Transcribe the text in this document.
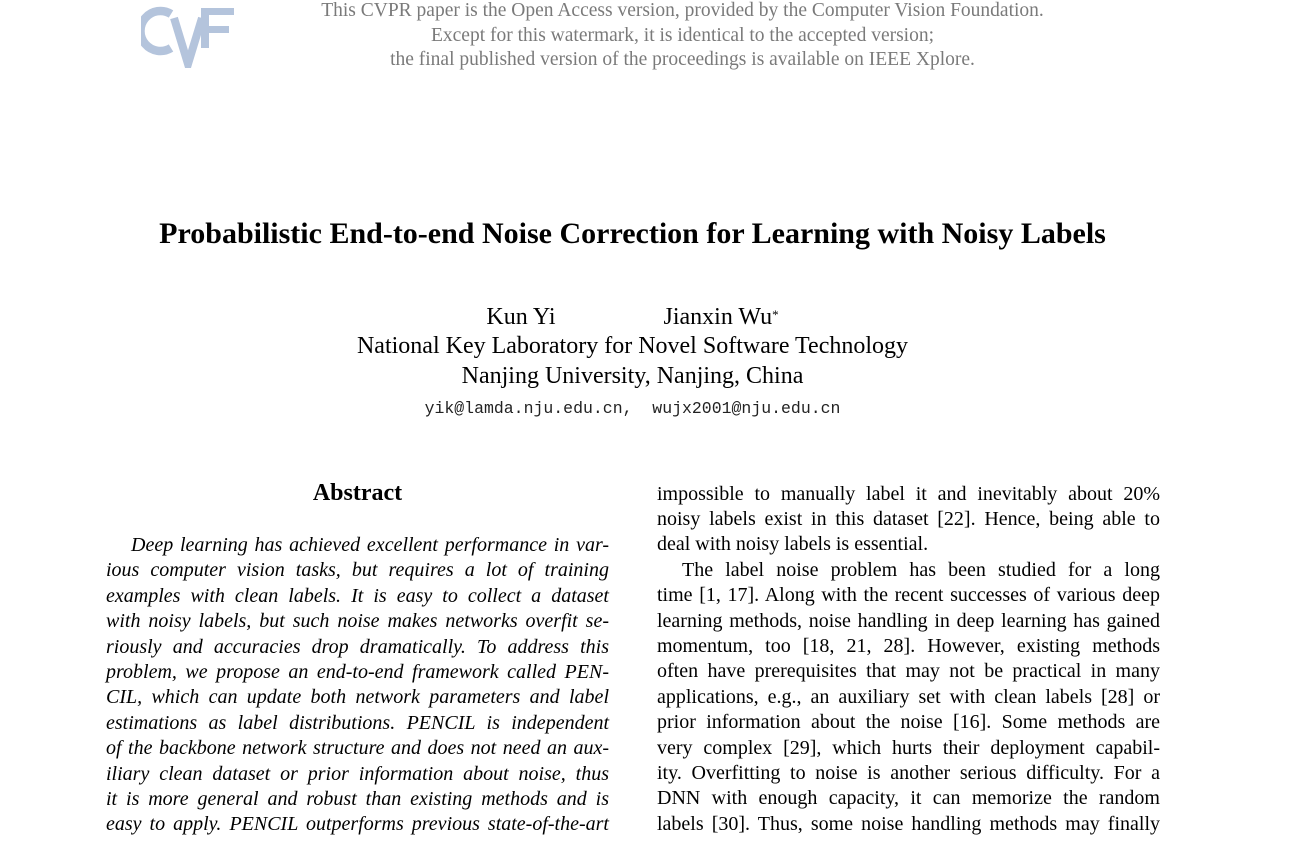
This CVPR paper is the Open Access version, provided by the Computer Vision Foundation.
Except for this watermark, it is identical to the accepted version;
the final published version of the proceedings is available on IEEE Xplore.
Probabilistic End-to-end Noise Correction for Learning with Noisy Labels
Kun Yi	Jianxin Wu*
National Key Laboratory for Novel Software Technology
Nanjing University, Nanjing, China
yik@lamda.nju.edu.cn,  wujx2001@nju.edu.cn
Abstract
Deep learning has achieved excellent performance in var-
ious computer vision tasks, but requires a lot of training
examples with clean labels. It is easy to collect a dataset
with noisy labels, but such noise makes networks overfit se-
riously and accuracies drop dramatically. To address this
problem, we propose an end-to-end framework called PEN-
CIL, which can update both network parameters and label
estimations as label distributions. PENCIL is independent
of the backbone network structure and does not need an aux-
iliary clean dataset or prior information about noise, thus
it is more general and robust than existing methods and is
easy to apply. PENCIL outperforms previous state-of-the-art
impossible to manually label it and inevitably about 20%
noisy labels exist in this dataset [22]. Hence, being able to
deal with noisy labels is essential.
The label noise problem has been studied for a long
time [1, 17]. Along with the recent successes of various deep
learning methods, noise handling in deep learning has gained
momentum, too [18, 21, 28]. However, existing methods
often have prerequisites that may not be practical in many
applications, e.g., an auxiliary set with clean labels [28] or
prior information about the noise [16]. Some methods are
very complex [29], which hurts their deployment capabil-
ity. Overfitting to noise is another serious difficulty. For a
DNN with enough capacity, it can memorize the random
labels [30]. Thus, some noise handling methods may finally
